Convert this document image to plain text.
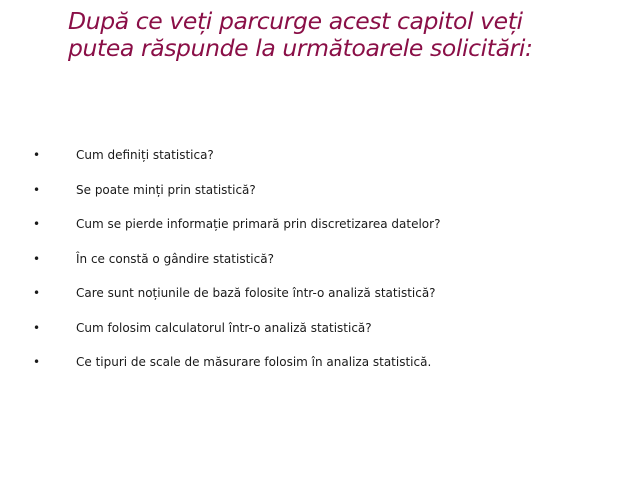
După ce veți parcurge acest capitol veți
putea răspunde la următoarele solicitări:
•	Cum definiți statistica?
•	Se poate minți prin statistică?
•	Cum se pierde informație primară prin discretizarea datelor?
•	În ce constă o gândire statistică?
•	Care sunt noțiunile de bază folosite într-o analiză statistică?
•	Cum folosim calculatorul într-o analiză statistică?
•	Ce tipuri de scale de măsurare folosim în analiza statistică.
